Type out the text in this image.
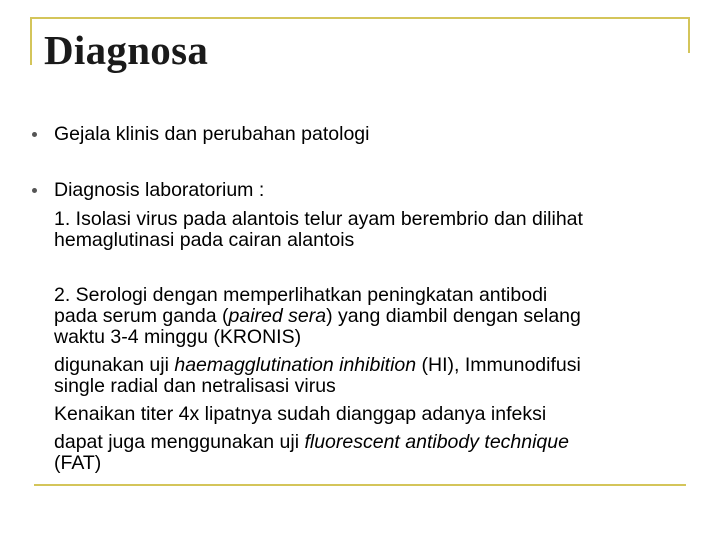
Diagnosa

Gejala klinis dan perubahan patologi

Diagnosis laboratorium :

1. Isolasi virus pada alantois telur ayam berembrio dan dilihat

hemaglutinasi pada cairan alantois

2. Serologi dengan memperlihatkan peningkatan antibodi

pada serum ganda (paired sera) yang diambil dengan selang

waktu 3-4 minggu (KRONIS)

digunakan uji haemagglutination inhibition (HI), Immunodifusi

single radial dan netralisasi virus

Kenaikan titer 4x lipatnya sudah dianggap adanya infeksi

dapat juga menggunakan uji fluorescent antibody technique

(FAT)
